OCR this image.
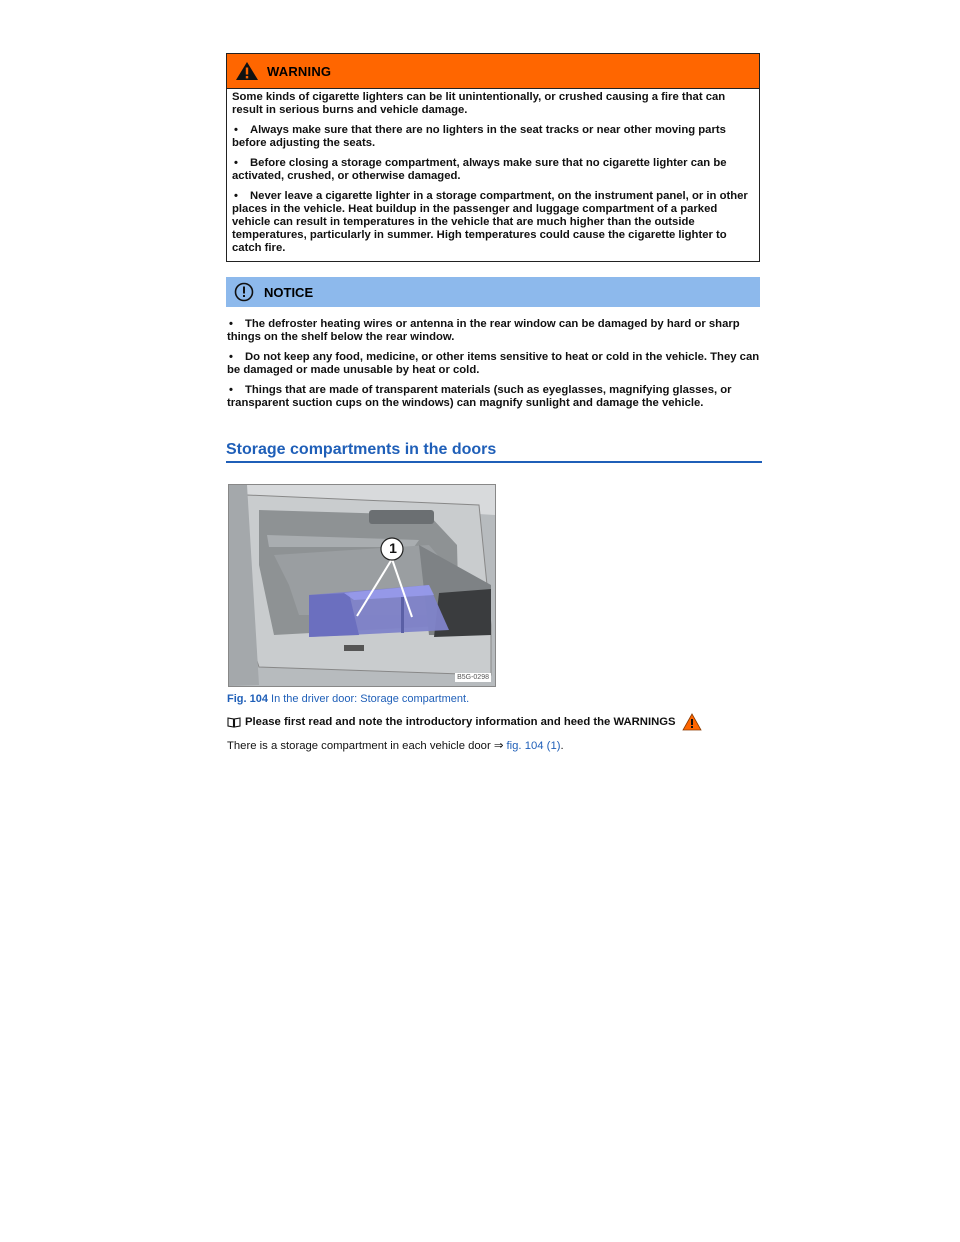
WARNING

Some kinds of cigarette lighters can be lit unintentionally, or crushed causing a fire that can result in serious burns and vehicle damage.

• Always make sure that there are no lighters in the seat tracks or near other moving parts before adjusting the seats.

• Before closing a storage compartment, always make sure that no cigarette lighter can be activated, crushed, or otherwise damaged.

• Never leave a cigarette lighter in a storage compartment, on the instrument panel, or in other places in the vehicle. Heat buildup in the passenger and luggage compartment of a parked vehicle can result in temperatures in the vehicle that are much higher than the outside temperatures, particularly in summer. High temperatures could cause the cigarette lighter to catch fire.

NOTICE

• The defroster heating wires or antenna in the rear window can be damaged by hard or sharp things on the shelf below the rear window.

• Do not keep any food, medicine, or other items sensitive to heat or cold in the vehicle. They can be damaged or made unusable by heat or cold.

• Things that are made of transparent materials (such as eyeglasses, magnifying glasses, or transparent suction cups on the windows) can magnify sunlight and damage the vehicle.

Storage compartments in the doors
1
B5G-0298
Fig. 104 In the driver door: Storage compartment.
Please first read and note the introductory information and heed the WARNINGS
There is a storage compartment in each vehicle door ⇒ fig. 104 (1).
